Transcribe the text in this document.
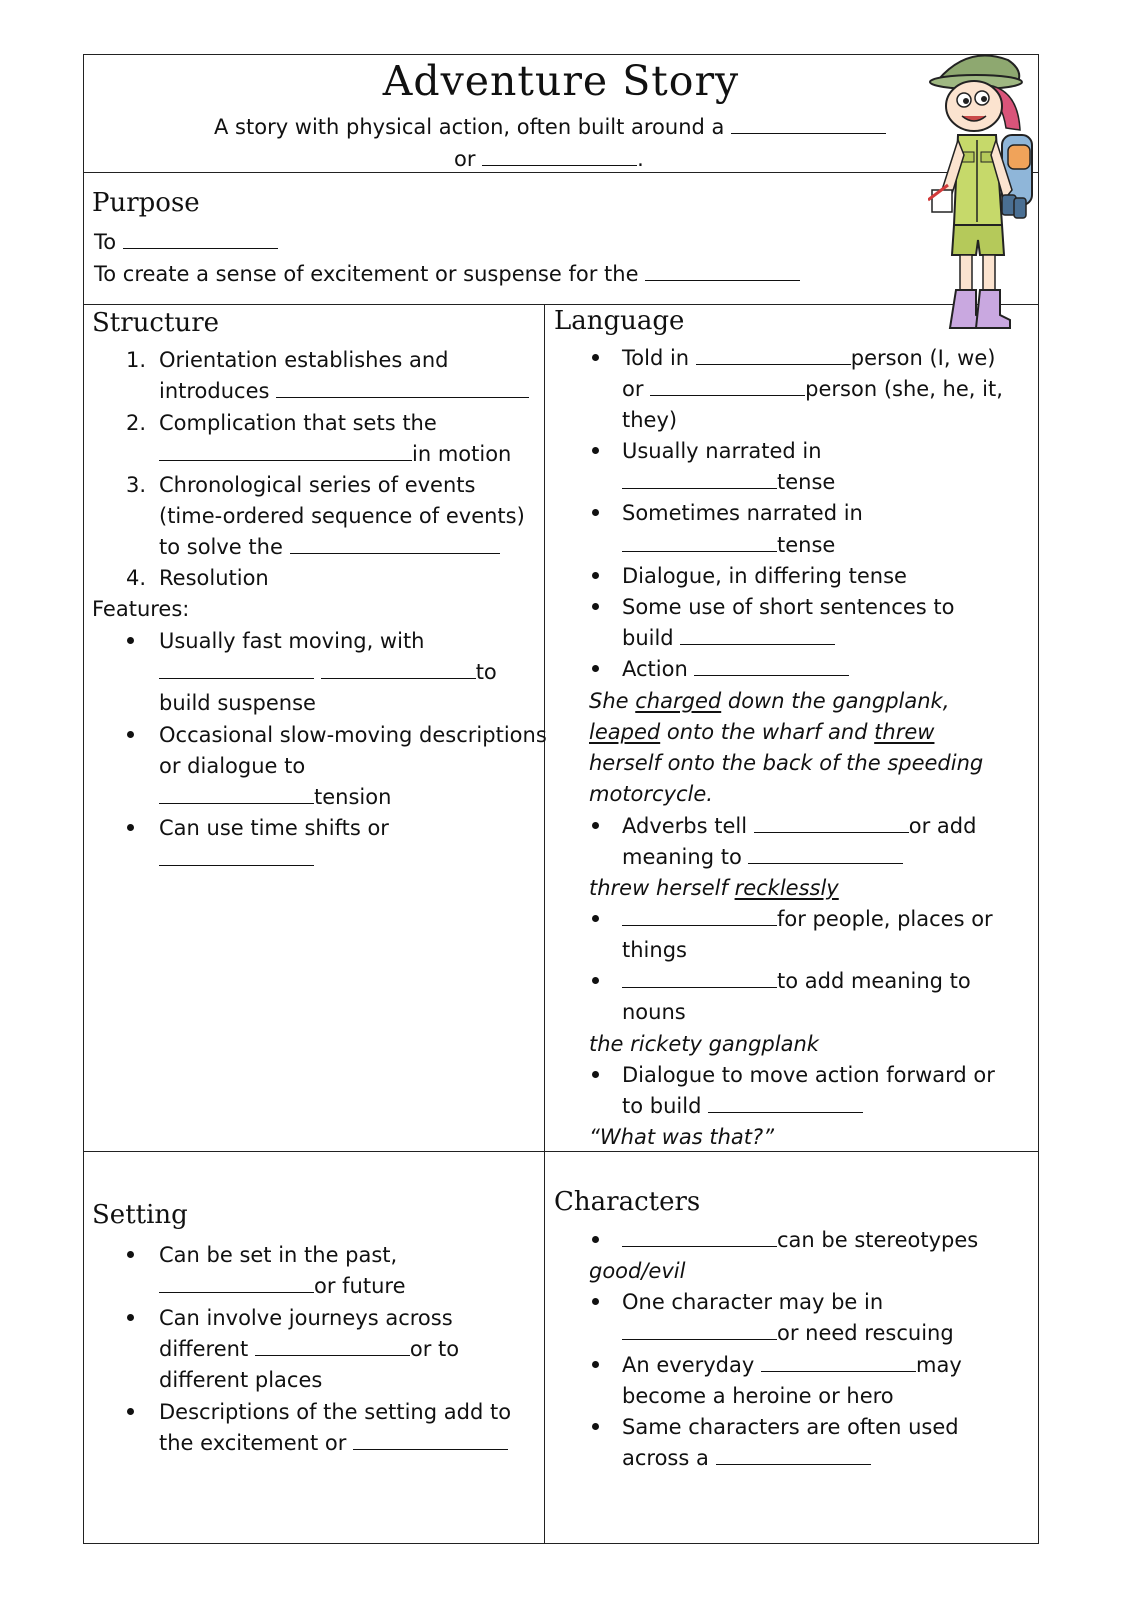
Adventure Story
A story with physical action, often built around a
or	.
Purpose
To
To create a sense of excitement or suspense for the
Structure
1. Orientation establishes and
introduces
2. Complication that sets the
in motion
3. Chronological series of events
(time-ordered sequence of events)
to solve the
4. Resolution
Features:
Usually fast moving, with
to
build suspense
Occasional slow-moving descriptions
or dialogue to
tension
Can use time shifts or
Language
Told in	person (I, we)
or	person (she, he, it,
they)
Usually narrated in
tense
Sometimes narrated in
tense
Dialogue, in differing tense
Some use of short sentences to
build
Action
She charged down the gangplank,
leaped onto the wharf and threw
herself onto the back of the speeding
motorcycle.
Adverbs tell	or add
meaning to
threw herself recklessly
for people, places or
things
to add meaning to
nouns
the rickety gangplank
Dialogue to move action forward or
to build
“What was that?”
Setting
Can be set in the past,
or future
Can involve journeys across
different	or to
different places
Descriptions of the setting add to
the excitement or
Characters
can be stereotypes
good/evil
One character may be in
or need rescuing
An everyday	may
become a heroine or hero
Same characters are often used
across a
